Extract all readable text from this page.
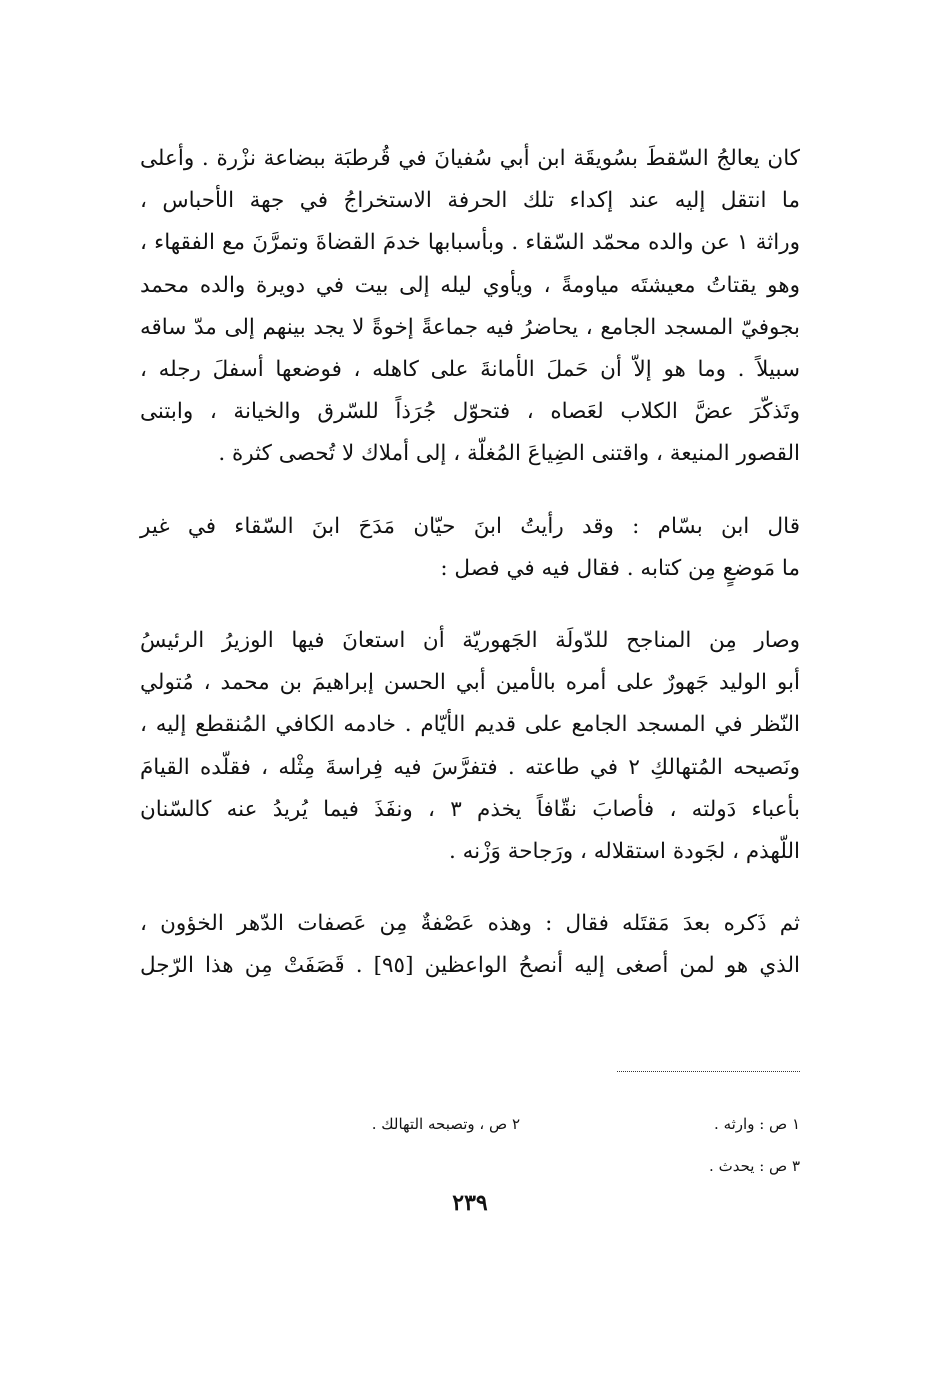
كان يعالجُ السّقطَ بسُويقَة ابن أبي سُفيانَ في قُرطبَة ببضاعة نزْرة . وأعلى
ما انتقل إليه عند إكداء تلك الحرفة الاستخراجُ في جهة الأحباس ،
وراثة ١ عن والده محمّد السّقاء . وبأسبابها خدمَ القضاةَ وتمرَّنَ مع الفقهاء ،
وهو يقتاتُ معيشتَه مياومةً ، ويأوي ليله إلى بيت في دويرة والده محمد
بجوفيّ المسجد الجامع ، يحاضرُ فيه جماعةً إخوةً لا يجد بينهم إلى مدّ ساقه
سبيلاً . وما هو إلاّ أن حَملَ الأمانةَ على كاهله ، فوضعها أسفلَ رجله ،
وتَذكّرَ عضَّ الكلاب لعَصاه ، فتحوّل جُرَذاً للسّرق والخيانة ، وابتنى
القصور المنيعة ، واقتنى الضِياعَ المُغلّة ، إلى أملاك لا تُحصى كثرة .

قال ابن بسّام : وقد رأيتُ ابنَ حيّان مَدَحَ ابنَ السّقاء في غير
ما مَوضعٍ مِن كتابه . فقال فيه في فصل :

وصار مِن المناجح للدّولَة الجَهوريّة أن استعانَ فيها الوزيرُ الرئيسُ
أبو الوليد جَهورٌ على أمره بالأمين أبي الحسن إبراهيمَ بن محمد ، مُتولي
النّظر في المسجد الجامع على قديم الأيّام . خادمه الكافي المُنقطع إليه ،
ونَصيحه المُتهالكِ ٢ في طاعته . فتفرَّسَ فيه فِراسةَ مِثْله ، فقلّده القيامَ
بأعباء دَولته ، فأصابَ نقّافاً يخذم ٣ ، ونفَذَ فيما يُريدُ عنه كالسّنان
اللّهذم ، لجَودة استقلاله ، ورَجاحة وَزْنه .

ثم ذَكره بعدَ مَقتَله فقال : وهذه عَصْفةٌ مِن عَصفات الدّهر الخؤون ،
الذي هو لمن أصغى إليه أنصحُ الواعظين [٩٥] . قَصَفَتْ مِن هذا الرّجل

١ ص : وارثه .
٢ ص ، وتصبحه التهالك .
٣ ص : يحدث .
٢٣٩
